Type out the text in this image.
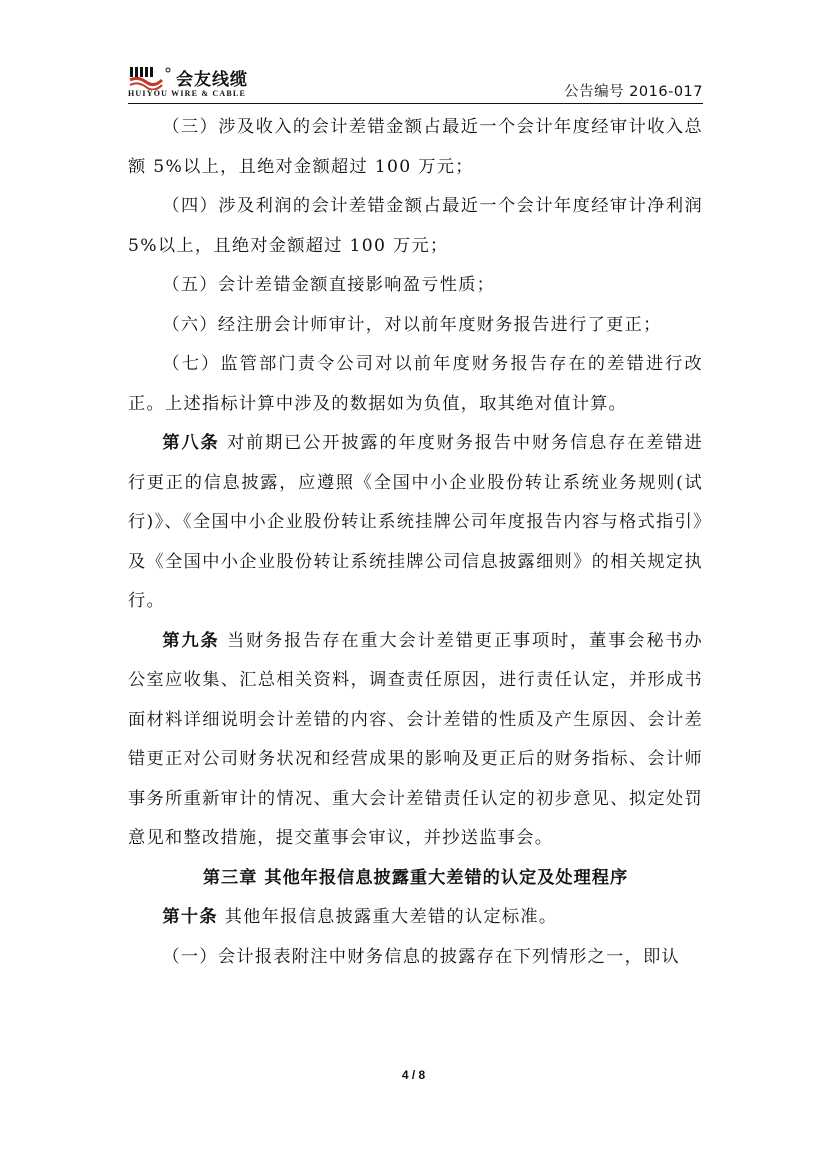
会友线缆
HUIYOU WIRE & CABLE	公告编号 2016-017

（三）涉及收入的会计差错金额占最近一个会计年度经审计收入总额 5%以上，且绝对金额超过 100 万元；

（四）涉及利润的会计差错金额占最近一个会计年度经审计净利润 5%以上，且绝对金额超过 100 万元；

（五）会计差错金额直接影响盈亏性质；

（六）经注册会计师审计，对以前年度财务报告进行了更正；

（七）监管部门责令公司对以前年度财务报告存在的差错进行改正。上述指标计算中涉及的数据如为负值，取其绝对值计算。

第八条 对前期已公开披露的年度财务报告中财务信息存在差错进行更正的信息披露，应遵照《全国中小企业股份转让系统业务规则(试行)》、《全国中小企业股份转让系统挂牌公司年度报告内容与格式指引》及《全国中小企业股份转让系统挂牌公司信息披露细则》的相关规定执行。

第九条 当财务报告存在重大会计差错更正事项时，董事会秘书办公室应收集、汇总相关资料，调查责任原因，进行责任认定，并形成书面材料详细说明会计差错的内容、会计差错的性质及产生原因、会计差错更正对公司财务状况和经营成果的影响及更正后的财务指标、会计师事务所重新审计的情况、重大会计差错责任认定的初步意见、拟定处罚意见和整改措施，提交董事会审议，并抄送监事会。

第三章 其他年报信息披露重大差错的认定及处理程序

第十条 其他年报信息披露重大差错的认定标准。

（一）会计报表附注中财务信息的披露存在下列情形之一，即认

4 / 8
